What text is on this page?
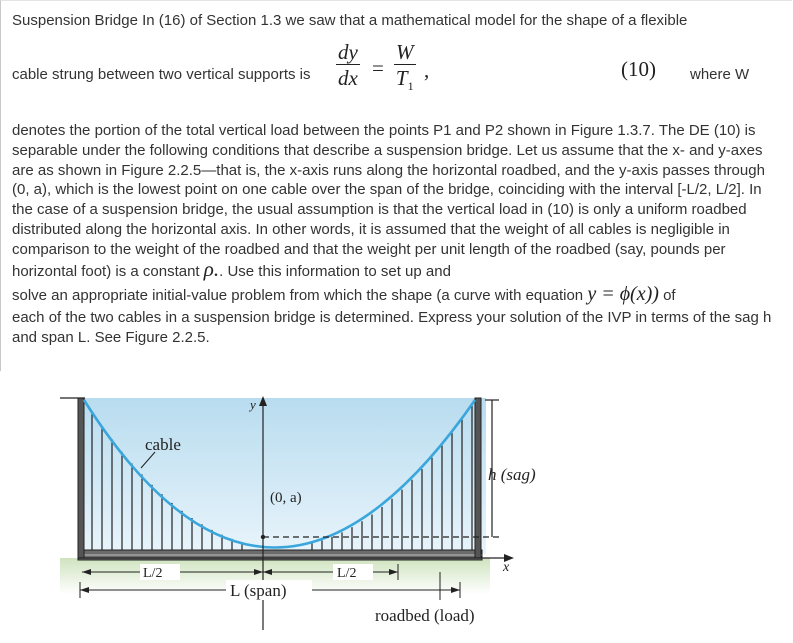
Suspension Bridge In (16) of Section 1.3 we saw that a mathematical model for the shape of a flexible
cable strung between two vertical supports is $\frac{dy}{dx} = \frac{W}{T_1}$ ,	(10) where W
denotes the portion of the total vertical load between the points P1 and P2 shown in Figure 1.3.7. The DE (10) is separable under the following conditions that describe a suspension bridge. Let us assume that the x- and y-axes are as shown in Figure 2.2.5—that is, the x-axis runs along the horizontal roadbed, and the y-axis passes through (0, a), which is the lowest point on one cable over the span of the bridge, coinciding with the interval [-L/2, L/2]. In the case of a suspension bridge, the usual assumption is that the vertical load in (10) is only a uniform roadbed distributed along the horizontal axis. In other words, it is assumed that the weight of all cables is negligible in comparison to the weight of the roadbed and that the weight per unit length of the roadbed (say, pounds per horizontal foot) is a constant ρ.. Use this information to set up and
solve an appropriate initial-value problem from which the shape (a curve with equation y = ϕ(x)) of
each of the two cables in a suspension bridge is determined. Express your solution of the IVP in terms of the sag h and span L. See Figure 2.2.5.
y
(0, a)
cable
h (sag)
x
L/2	L/2
L (span)
roadbed (load)
